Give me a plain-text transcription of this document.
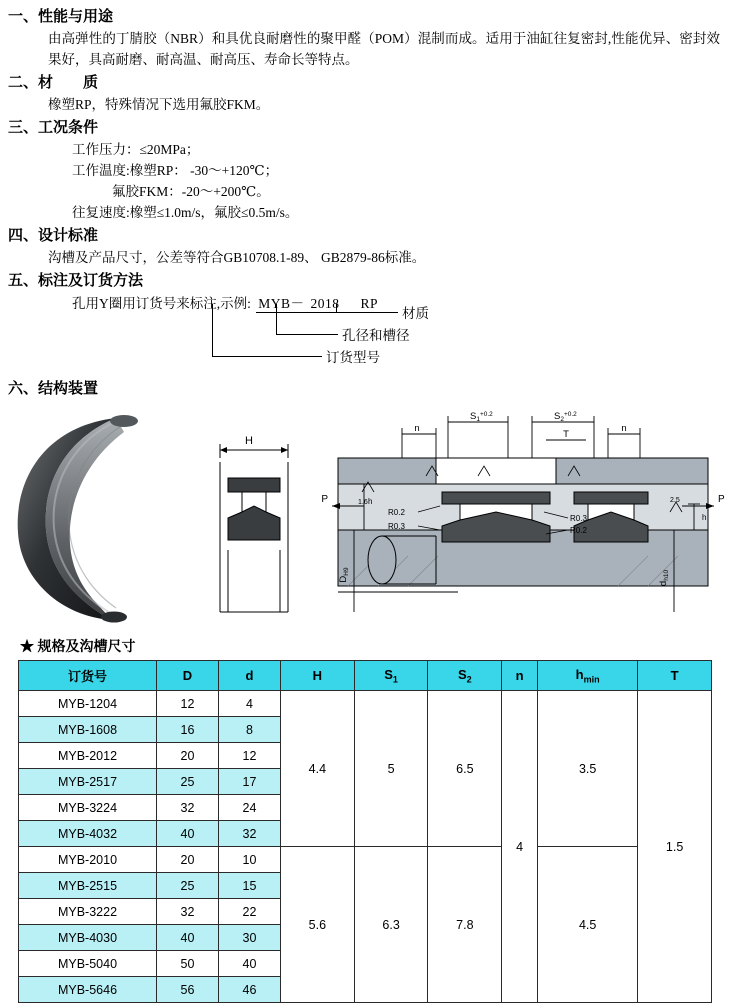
一、性能与用途
由高弹性的丁腈胶（NBR）和具优良耐磨性的聚甲醛（POM）混制而成。适用于油缸往复密封,性能优异、密封效果好，具高耐磨、耐高温、耐高压、寿命长等特点。
二、材　　质
橡塑RP，特殊情况下选用氟胶FKM。
三、工况条件
工作压力：≤20MPa；
工作温度:橡塑RP： -30～+120℃；
氟胶FKM：-20～+200℃。
往复速度:橡塑≤1.0m/s，氟胶≤0.5m/s。
四、设计标准
沟槽及产品尺寸，公差等符合GB10708.1-89、 GB2879-86标准。
五、标注及订货方法
孔用Y圈用订货号来标注,示例: MYB－ 2018 RP
材质
孔径和槽径
订货型号
六、结构装置
H
n
$S_1^{+0.2}$	$S_2^{+0.2}$
T
n
P	P
R0.2
R0.3
R0.3
R0.2
2.5
1.6 h
h
$D_{H9}$
$d_{h10}$
★ 规格及沟槽尺寸
订货号	D	d	H	$S_1$	$S_2$	n	$h_{min}$	T
MYB-1204	12	4	4.4	5	6.5	4	3.5	1.5
MYB-1608	16	8						
MYB-2012	20	12						
MYB-2517	25	17						
MYB-3224	32	24						
MYB-4032	40	32						
MYB-2010	20	10	5.6	6.3	7.8		4.5	
MYB-2515	25	15						
MYB-3222	32	22						
MYB-4030	40	30						
MYB-5040	50	40						
MYB-5646	56	46						
